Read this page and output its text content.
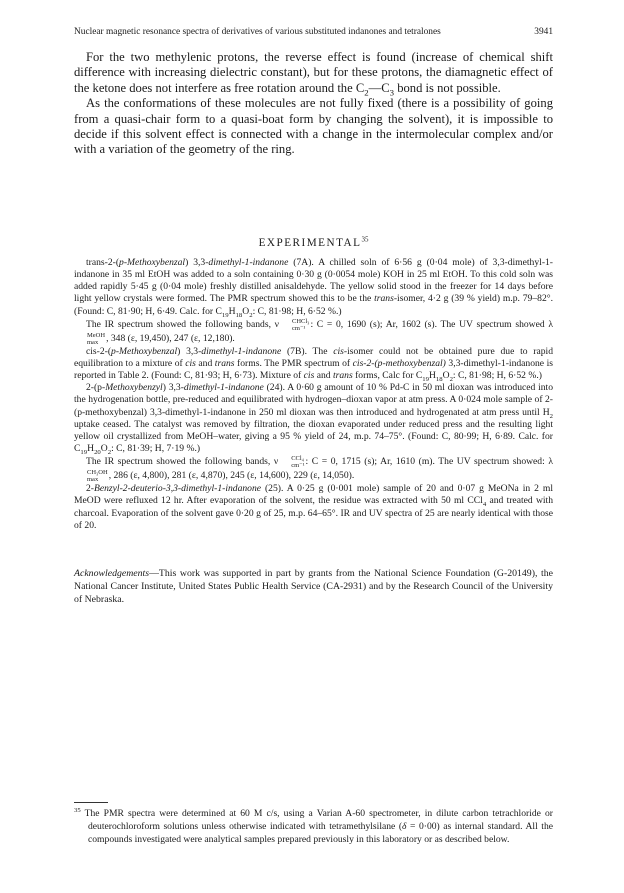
Nuclear magnetic resonance spectra of derivatives of various substituted indanones and tetralones	3941

For the two methylenic protons, the reverse effect is found (increase of chemical shift difference with increasing dielectric constant), but for these protons, the diamagnetic effect of the ketone does not interfere as free rotation around the $C_2—C_3$ bond is not possible.

As the conformations of these molecules are not fully fixed (there is a possibility of going from a quasi-chair form to a quasi-boat form by changing the solvent), it is impossible to decide if this solvent effect is connected with a change in the intermolecular complex and/or with a variation of the geometry of the ring.

EXPERIMENTAL$^{35}$

trans-2-(p-Methoxybenzal) 3,3-dimethyl-1-indanone (7A). A chilled soln of 6·56 g (0·04 mole) of 3,3-dimethyl-1-indanone in 35 ml EtOH was added to a soln containing 0·30 g (0·0054 mole) KOH in 25 ml EtOH. To this cold soln was added rapidly 5·45 g (0·04 mole) freshly distilled anisaldehyde. The yellow solid stood in the freezer for 14 days before light yellow crystals were formed. The PMR spectrum showed this to be the trans-isomer, 4·2 g (39 % yield) m.p. 79–82°. (Found: C, 81·90; H, 6·49. Calc. for $C_{19}H_{18}O_2$: C, 81·98; H, 6·52 %.)

The IR spectrum showed the following bands, ν	CHCl₃
cm⁻¹ : C = 0, 1690 (s); Ar, 1602 (s). The UV spectrum showed λ
MeOH
max , 348 (ε, 19,450), 247 (ε, 12,180).

cis-2-(p-Methoxybenzal) 3,3-dimethyl-1-indanone (7B). The cis-isomer could not be obtained pure due to rapid equilibration to a mixture of cis and trans forms. The PMR spectrum of cis-2-(p-methoxybenzal) 3,3-dimethyl-1-indanone is reported in Table 2. (Found: C, 81·93; H, 6·73). Mixture of cis and trans forms, Calc for $C_{19}H_{18}O_2$: C, 81·98; H, 6·52 %.)

2-(p-Methoxybenzyl) 3,3-dimethyl-1-indanone (24). A 0·60 g amount of 10 % Pd-C in 50 ml dioxan was introduced into the hydrogenation bottle, pre-reduced and equilibrated with hydrogen–dioxan vapor at atm press. A 0·024 mole sample of 2-(p-methoxybenzal) 3,3-dimethyl-1-indanone in 250 ml dioxan was then introduced and hydrogenated at atm press until $H_2$ uptake ceased. The catalyst was removed by filtration, the dioxan evaporated under reduced press and the resulting light yellow oil crystallized from MeOH–water, giving a 95 % yield of 24, m.p. 74–75°. (Found: C, 80·99; H, 6·89. Calc. for $C_{19}H_{20}O_2$: C, 81·39; H, 7·19 %.)

The IR spectrum showed the following bands, ν	CCl₄
cm⁻¹ : C = 0, 1715 (s); Ar, 1610 (m). The UV spectrum showed: λ
CH₃OH
max	, 286 (ε, 4,800), 281 (ε, 4,870), 245 (ε, 14,600), 229 (ε, 14,050).

2-Benzyl-2-deuterio-3,3-dimethyl-1-indanone (25). A 0·25 g (0·001 mole) sample of 20 and 0·07 g MeONa in 2 ml MeOD were refluxed 12 hr. After evaporation of the solvent, the residue was extracted with 50 ml CCl$_4$ and treated with charcoal. Evaporation of the solvent gave 0·20 g of 25, m.p. 64–65°. IR and UV spectra of 25 are nearly identical with those of 20.

Acknowledgements—This work was supported in part by grants from the National Science Foundation (G-20149), the National Cancer Institute, United States Public Health Service (CA-2931) and by the Research Council of the University of Nebraska.

$^{35}$ The PMR spectra were determined at 60 M c/s, using a Varian A-60 spectrometer, in dilute carbon tetrachloride or deuterochloroform solutions unless otherwise indicated with tetramethylsilane (δ = 0·00) as internal standard. All the compounds investigated were analytical samples prepared previously in this laboratory or as described below.
